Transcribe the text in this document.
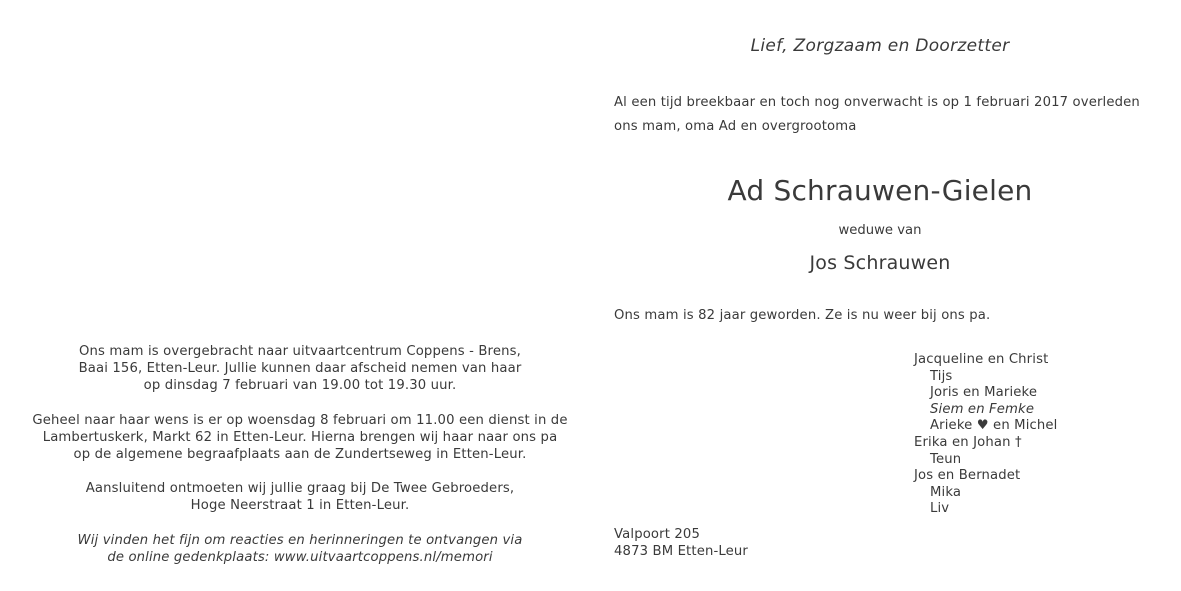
Ons mam is overgebracht naar uitvaartcentrum Coppens - Brens,
Baai 156, Etten-Leur. Jullie kunnen daar afscheid nemen van haar
op dinsdag 7 februari van 19.00 tot 19.30 uur.
Geheel naar haar wens is er op woensdag 8 februari om 11.00 een dienst in de
Lambertuskerk, Markt 62 in Etten-Leur. Hierna brengen wij haar naar ons pa
op de algemene begraafplaats aan de Zundertseweg in Etten-Leur.
Aansluitend ontmoeten wij jullie graag bij De Twee Gebroeders,
Hoge Neerstraat 1 in Etten-Leur.
Wij vinden het fijn om reacties en herinneringen te ontvangen via
de online gedenkplaats: www.uitvaartcoppens.nl/memori
Lief, Zorgzaam en Doorzetter
Al een tijd breekbaar en toch nog onverwacht is op 1 februari 2017 overleden
ons mam, oma Ad en overgrootoma
Ad Schrauwen-Gielen
weduwe van
Jos Schrauwen
Ons mam is 82 jaar geworden. Ze is nu weer bij ons pa.
Jacqueline en Christ
Tijs
Joris en Marieke
Siem en Femke
Arieke ♥ en Michel
Erika en Johan †
Teun
Jos en Bernadet
Mika
Liv
Valpoort 205
4873 BM Etten-Leur
